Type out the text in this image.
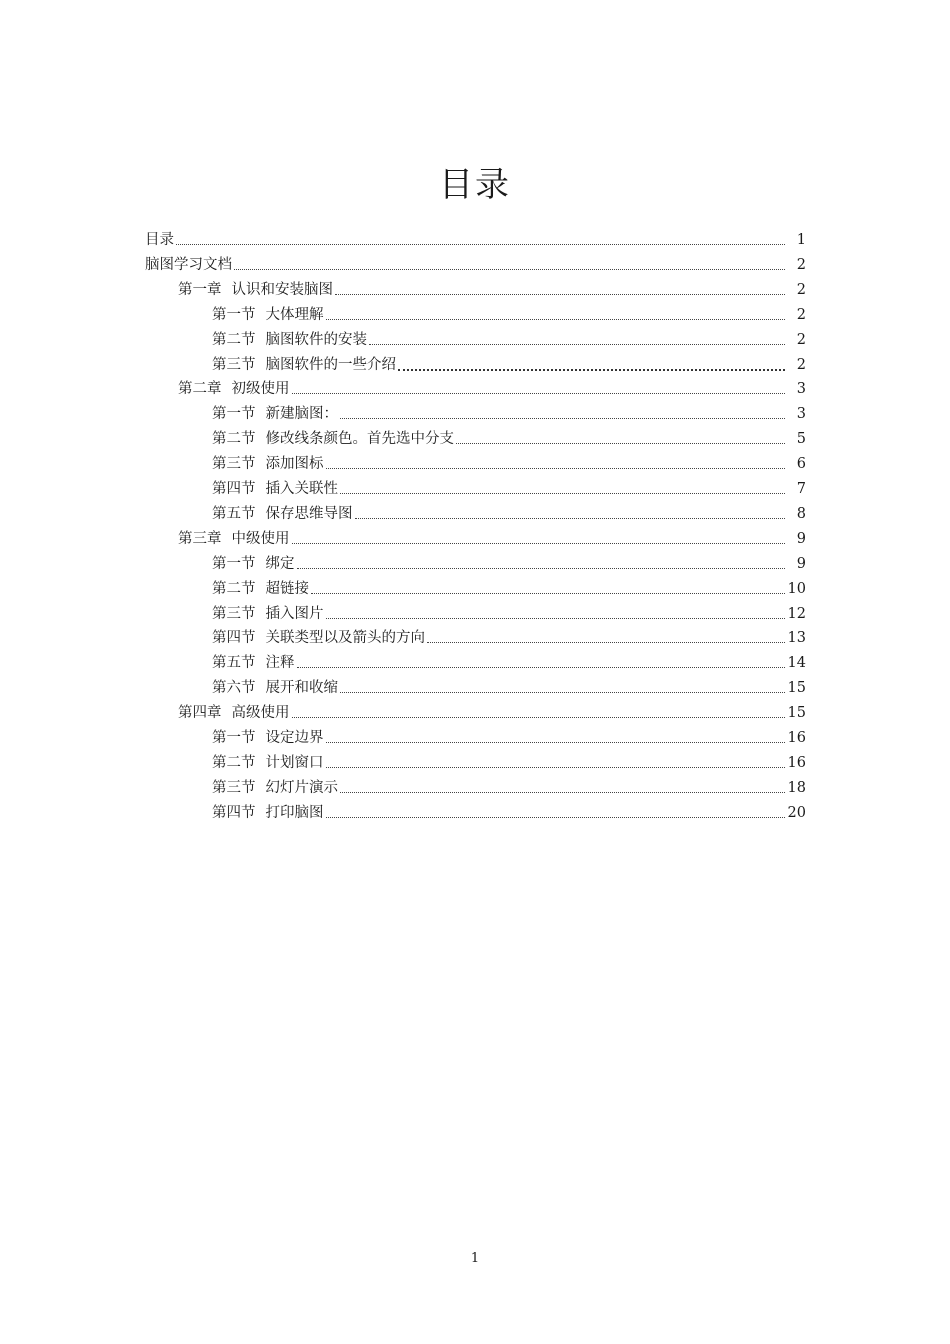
目录
目录	1
脑图学习文档	2
第一章 认识和安装脑图	2
第一节 大体理解	2
第二节 脑图软件的安装	2
第三节 脑图软件的一些介绍	2
第二章 初级使用	3
第一节 新建脑图：	3
第二节 修改线条颜色。首先选中分支	5
第三节 添加图标	6
第四节 插入关联性	7
第五节 保存思维导图	8
第三章 中级使用	9
第一节 绑定	9
第二节 超链接	10
第三节 插入图片	12
第四节 关联类型以及箭头的方向	13
第五节 注释	14
第六节 展开和收缩	15
第四章 高级使用	15
第一节 设定边界	16
第二节 计划窗口	16
第三节 幻灯片演示	18
第四节 打印脑图	20
1
